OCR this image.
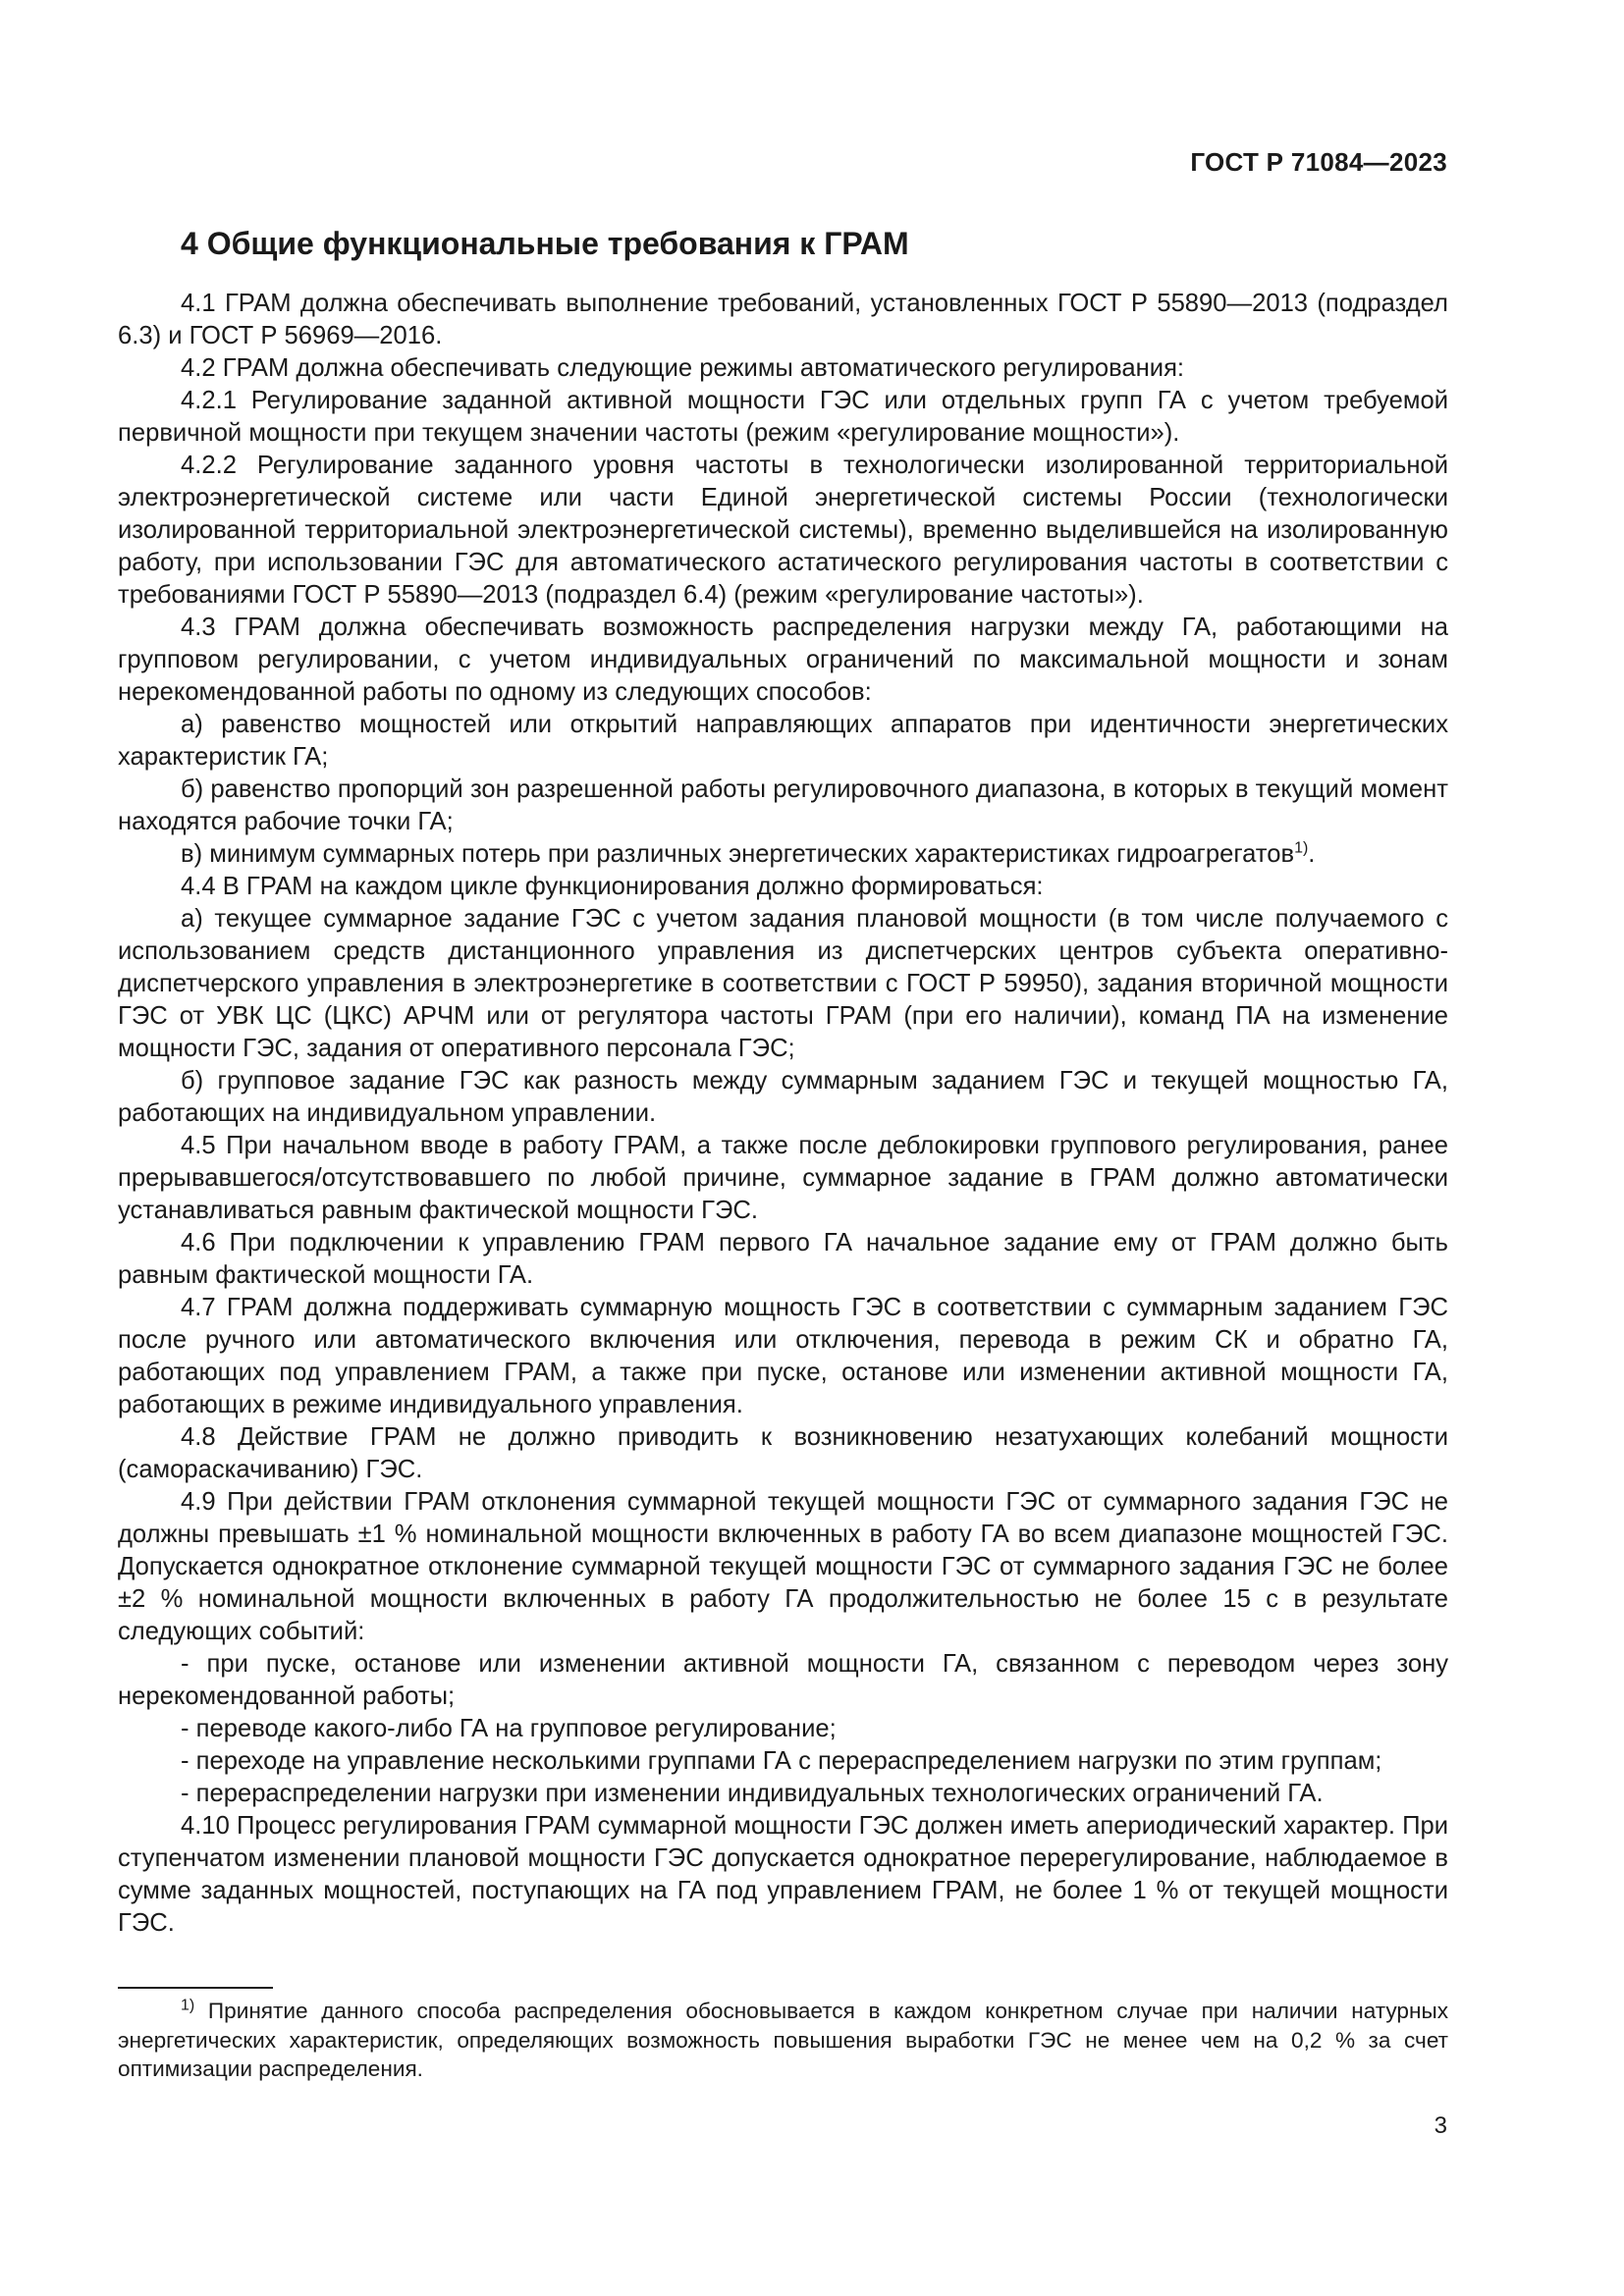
ГОСТ Р 71084—2023
4 Общие функциональные требования к ГРАМ

4.1 ГРАМ должна обеспечивать выполнение требований, установленных ГОСТ Р 55890—2013 (подраздел 6.3) и ГОСТ Р 56969—2016.

4.2 ГРАМ должна обеспечивать следующие режимы автоматического регулирования:

4.2.1 Регулирование заданной активной мощности ГЭС или отдельных групп ГА с учетом требуемой первичной мощности при текущем значении частоты (режим «регулирование мощности»).

4.2.2 Регулирование заданного уровня частоты в технологически изолированной территориальной электроэнергетической системе или части Единой энергетической системы России (технологически изолированной территориальной электроэнергетической системы), временно выделившейся на изолированную работу, при использовании ГЭС для автоматического астатического регулирования частоты в соответствии с требованиями ГОСТ Р 55890—2013 (подраздел 6.4) (режим «регулирование частоты»).

4.3 ГРАМ должна обеспечивать возможность распределения нагрузки между ГА, работающими на групповом регулировании, с учетом индивидуальных ограничений по максимальной мощности и зонам нерекомендованной работы по одному из следующих способов:

а) равенство мощностей или открытий направляющих аппаратов при идентичности энергетических характеристик ГА;

б) равенство пропорций зон разрешенной работы регулировочного диапазона, в которых в текущий момент находятся рабочие точки ГА;

в) минимум суммарных потерь при различных энергетических характеристиках гидроагрегатов$^{1)}$.

4.4 В ГРАМ на каждом цикле функционирования должно формироваться:

а) текущее суммарное задание ГЭС с учетом задания плановой мощности (в том числе получаемого с использованием средств дистанционного управления из диспетчерских центров субъекта оперативно-диспетчерского управления в электроэнергетике в соответствии с ГОСТ Р 59950), задания вторичной мощности ГЭС от УВК ЦС (ЦКС) АРЧМ или от регулятора частоты ГРАМ (при его наличии), команд ПА на изменение мощности ГЭС, задания от оперативного персонала ГЭС;

б) групповое задание ГЭС как разность между суммарным заданием ГЭС и текущей мощностью ГА, работающих на индивидуальном управлении.

4.5 При начальном вводе в работу ГРАМ, а также после деблокировки группового регулирования, ранее прерывавшегося/отсутствовавшего по любой причине, суммарное задание в ГРАМ должно автоматически устанавливаться равным фактической мощности ГЭС.

4.6 При подключении к управлению ГРАМ первого ГА начальное задание ему от ГРАМ должно быть равным фактической мощности ГА.

4.7 ГРАМ должна поддерживать суммарную мощность ГЭС в соответствии с суммарным заданием ГЭС после ручного или автоматического включения или отключения, перевода в режим СК и обратно ГА, работающих под управлением ГРАМ, а также при пуске, останове или изменении активной мощности ГА, работающих в режиме индивидуального управления.

4.8 Действие ГРАМ не должно приводить к возникновению незатухающих колебаний мощности (самораскачиванию) ГЭС.

4.9 При действии ГРАМ отклонения суммарной текущей мощности ГЭС от суммарного задания ГЭС не должны превышать ±1 % номинальной мощности включенных в работу ГА во всем диапазоне мощностей ГЭС. Допускается однократное отклонение суммарной текущей мощности ГЭС от суммарного задания ГЭС не более ±2 % номинальной мощности включенных в работу ГА продолжительностью не более 15 с в результате следующих событий:

- при пуске, останове или изменении активной мощности ГА, связанном с переводом через зону нерекомендованной работы;

- переводе какого-либо ГА на групповое регулирование;

- переходе на управление несколькими группами ГА с перераспределением нагрузки по этим группам;

- перераспределении нагрузки при изменении индивидуальных технологических ограничений ГА.

4.10 Процесс регулирования ГРАМ суммарной мощности ГЭС должен иметь апериодический характер. При ступенчатом изменении плановой мощности ГЭС допускается однократное перерегулирование, наблюдаемое в сумме заданных мощностей, поступающих на ГА под управлением ГРАМ, не более 1 % от текущей мощности ГЭС.

$^{1)}$ Принятие данного способа распределения обосновывается в каждом конкретном случае при наличии натурных энергетических характеристик, определяющих возможность повышения выработки ГЭС не менее чем на 0,2 % за счет оптимизации распределения.

3
